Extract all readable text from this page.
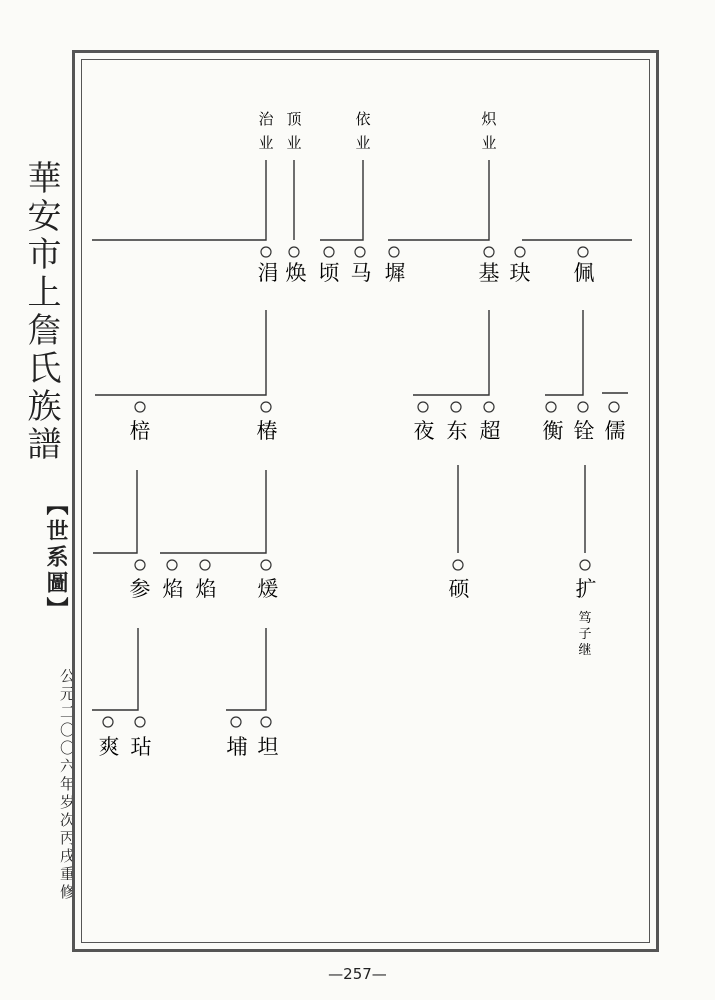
華安市上詹氏族譜
【世系圖】
公元二〇〇六年岁次丙戌重修
治
业
顶
业
依
业
炽
业
涓 焕 顷 马 墀	基 玦 佩
棓	椿	夜 东 超 衡 铨 儒
参 焰 焰 煖	硕	扩
笃
子
继
爽 玷	埔 坦
—257—
